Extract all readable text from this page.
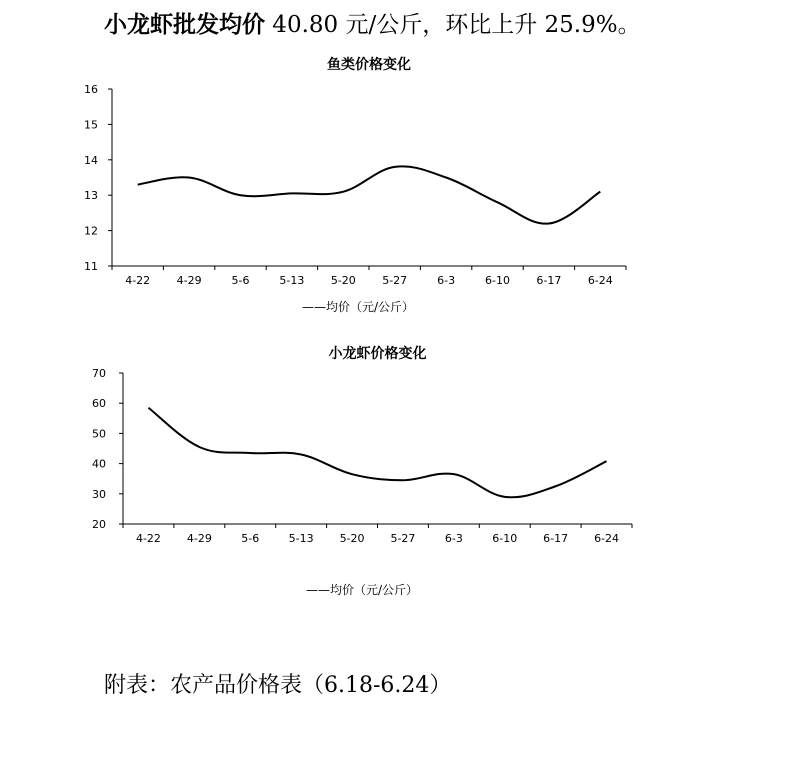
小龙虾批发均价 40.80 元/公斤，环比上升 25.9%。
鱼类价格变化
11
12
13
14
15
16
4-22 4-29	5-6	5-13 5-20 5-27	6-3	6-10 6-17 6-24
——均价（元/公斤）
小龙虾价格变化
20
30
40
50
60
70
4-22 4-29	5-6	5-13 5-20 5-27	6-3	6-10 6-17 6-24
——均价（元/公斤）
附表：农产品价格表（6.18-6.24）
